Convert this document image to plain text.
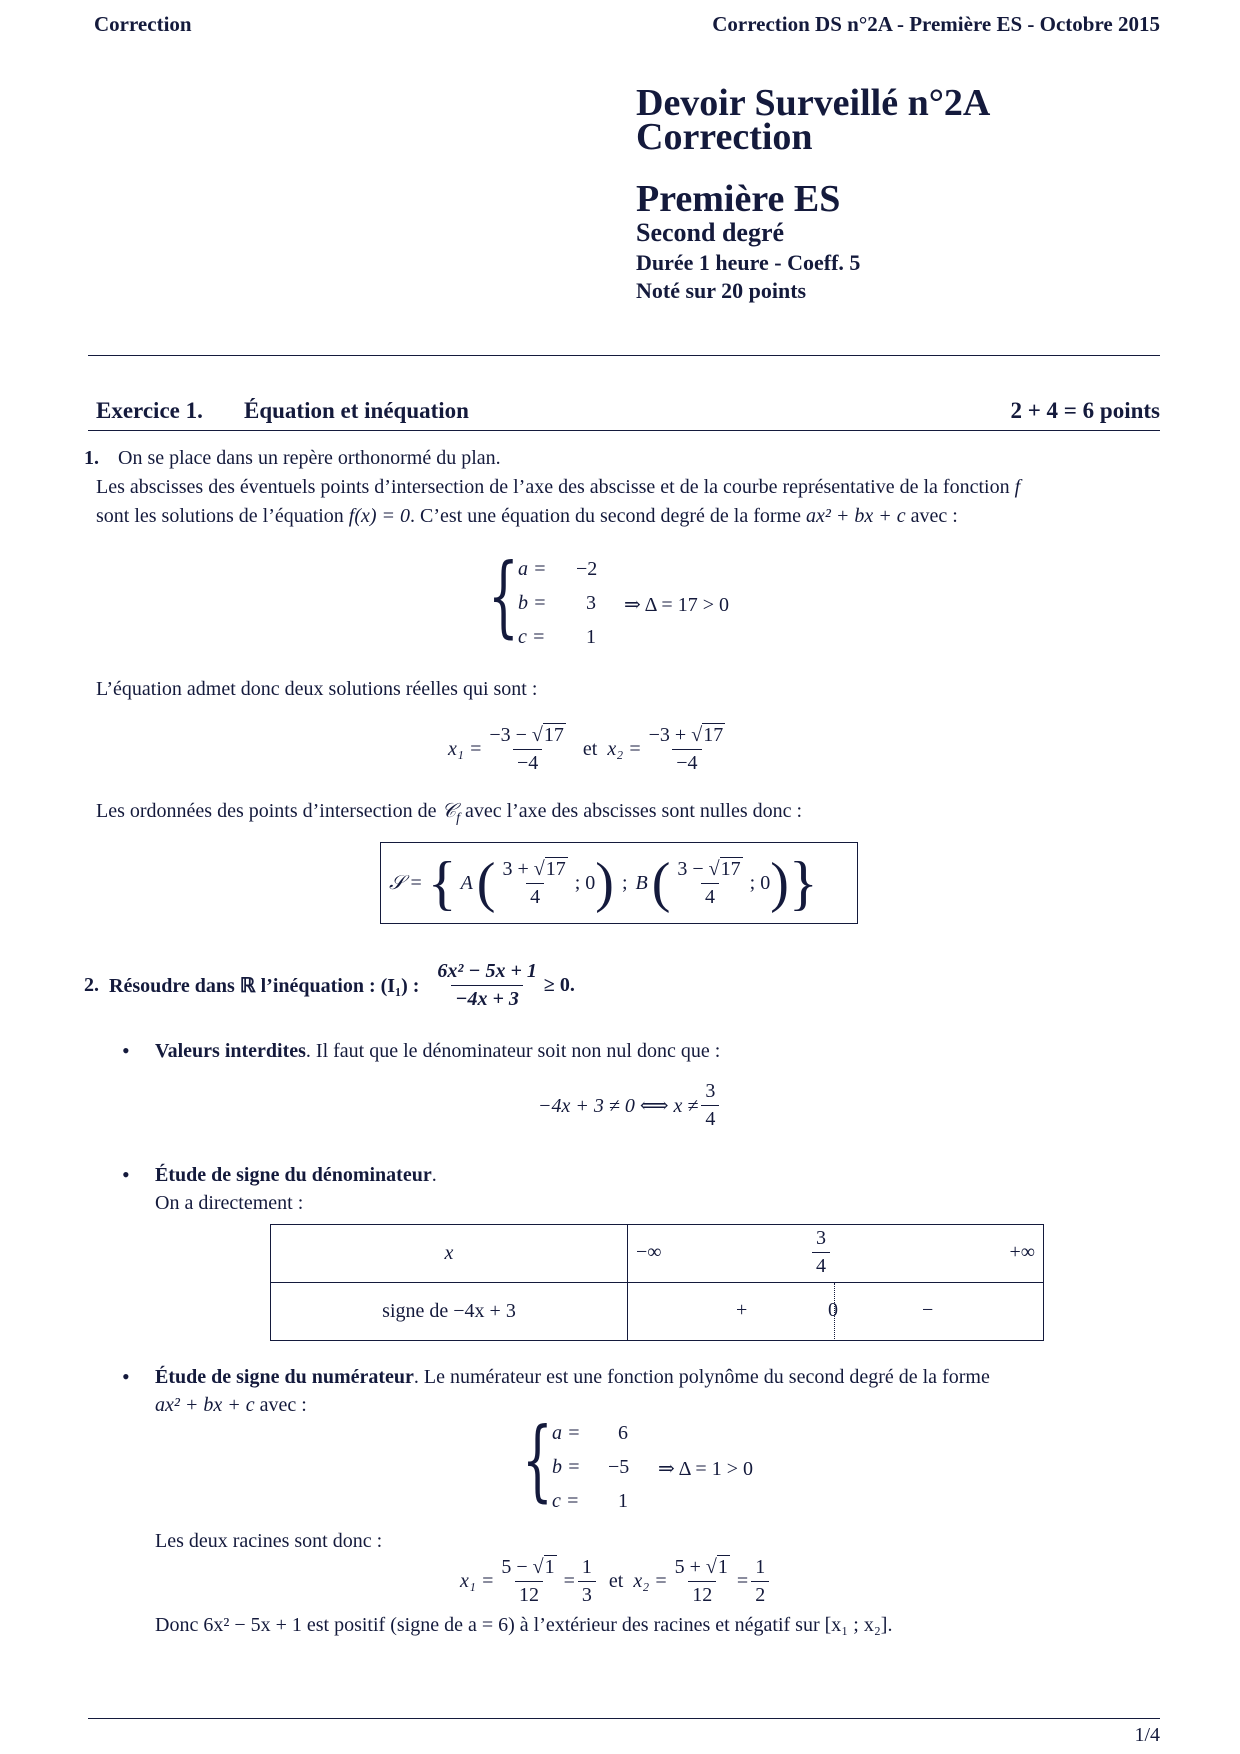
Correction	Correction DS n°2A - Première ES - Octobre 2015
Devoir Surveillé n°2A
Correction
Première ES
Second degré
Durée 1 heure - Coeff. 5
Noté sur 20 points
Exercice 1. Équation et inéquation	2 + 4 = 6 points
1. On se place dans un repère orthonormé du plan.
Les abscisses des éventuels points d’intersection de l’axe des abscisse et de la courbe représentative de la fonction f
sont les solutions de l’équation f(x) = 0. C’est une équation du second degré de la forme ax² + bx + c avec :
{ a = −2
b = 3 ⇒ Δ = 17 > 0
c = 1
L’équation admet donc deux solutions réelles qui sont :
$x_1 = \frac{-3 - √17}{-4}$ et $x_2 = \frac{-3 + √17}{-4}$
Les ordonnées des points d’intersection de 𝒞$_f$ avec l’axe des abscisses sont nulles donc :
𝒮 = { A ( $\frac{3 + √17}{4}$ ; 0 ) ; B ( $\frac{3 - √17}{4}$ ; 0 ) }
2. Résoudre dans ℝ l’inéquation : (I₁) : $\frac{\text{6x² − 5x + 1}}{-4x + 3} \ge 0$.
• Valeurs interdites. Il faut que le dénominateur soit non nul donc que :
−4x + 3 ≠ 0 ⟺ $x \ne \frac{3}{4}$
• Étude de signe du dénominateur.
On a directement :
x	−∞ $\frac{3}{4}$ +∞

signe de −4x + 3	+ 0 −
• Étude de signe du numérateur. Le numérateur est une fonction polynôme du second degré de la forme
ax² + bx + c avec :
{ a = 6
b = −5 ⇒ Δ = 1 > 0
c = 1
Les deux racines sont donc :
$x_1 = \frac{5 - √1}{12} = \frac{1}{3}$ et $x_2 = \frac{5 + √1}{12} = \frac{1}{2}$
Donc 6x² − 5x + 1 est positif (signe de a = 6) à l’extérieur des racines et négatif sur [x₁ ; x₂].
1/4
